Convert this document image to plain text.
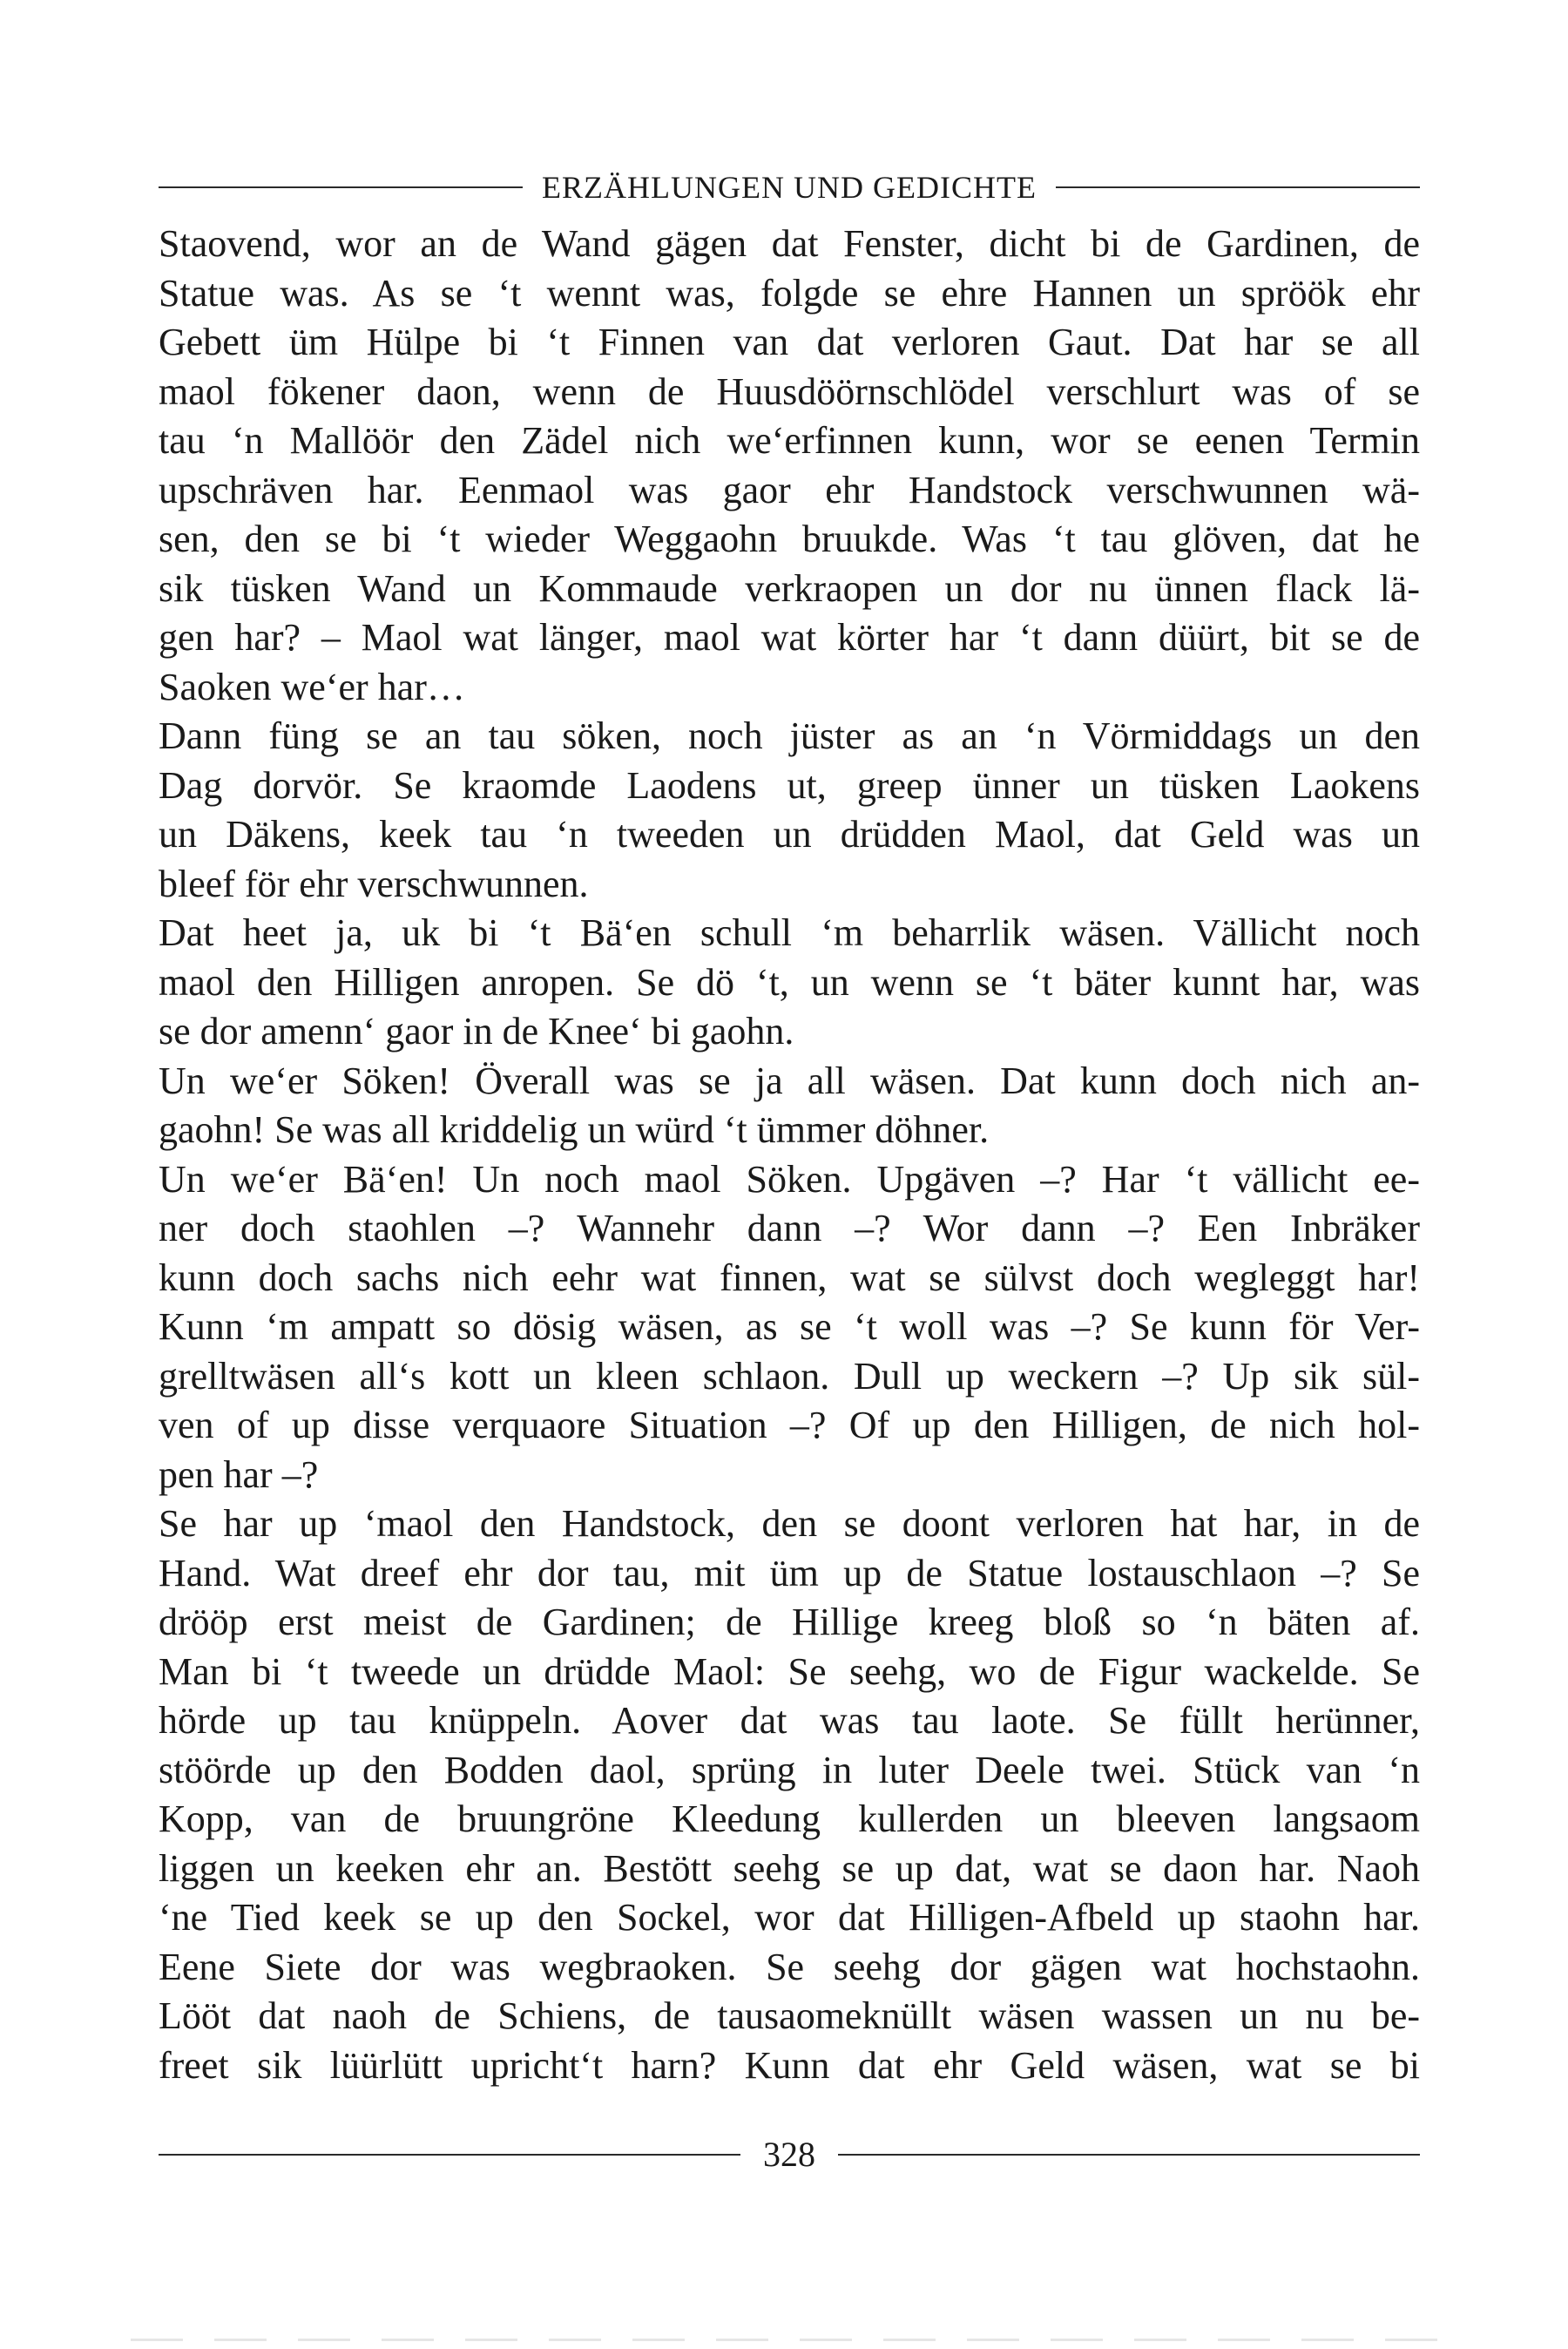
ERZÄHLUNGEN UND GEDICHTE
Staovend, wor an de Wand gägen dat Fenster, dicht bi de Gardinen, de
Statue was. As se ‘t wennt was, folgde se ehre Hannen un spröök ehr
Gebett üm Hülpe bi ‘t Finnen van dat verloren Gaut. Dat har se all
maol fökener daon, wenn de Huusdöörnschlödel verschlurt was of se
tau ‘n Mallöör den Zädel nich we‘erfinnen kunn, wor se eenen Termin
upschräven har. Eenmaol was gaor ehr Handstock verschwunnen wä-
sen, den se bi ‘t wieder Weggaohn bruukde. Was ‘t tau glöven, dat he
sik tüsken Wand un Kommaude verkraopen un dor nu ünnen flack lä-
gen har? – Maol wat länger, maol wat körter har ‘t dann düürt, bit se de
Saoken we‘er har…
Dann füng se an tau söken, noch jüster as an ‘n Vörmiddags un den
Dag dorvör. Se kraomde Laodens ut, greep ünner un tüsken Laokens
un Däkens, keek tau ‘n tweeden un drüdden Maol, dat Geld was un
bleef för ehr verschwunnen.
Dat heet ja, uk bi ‘t Bä‘en schull ‘m beharrlik wäsen. Vällicht noch
maol den Hilligen anropen. Se dö ‘t, un wenn se ‘t bäter kunnt har, was
se dor amenn‘ gaor in de Knee‘ bi gaohn.
Un we‘er Söken! Överall was se ja all wäsen. Dat kunn doch nich an-
gaohn! Se was all kriddelig un würd ‘t ümmer döhner.
Un we‘er Bä‘en! Un noch maol Söken. Upgäven –? Har ‘t vällicht ee-
ner doch staohlen –? Wannehr dann –? Wor dann –? Een Inbräker
kunn doch sachs nich eehr wat finnen, wat se sülvst doch wegleggt har!
Kunn ‘m ampatt so dösig wäsen, as se ‘t woll was –? Se kunn för Ver-
grelltwäsen all‘s kott un kleen schlaon. Dull up weckern –? Up sik sül-
ven of up disse verquaore Situation –? Of up den Hilligen, de nich hol-
pen har –?
Se har up ‘maol den Handstock, den se doont verloren hat har, in de
Hand. Wat dreef ehr dor tau, mit üm up de Statue lostauschlaon –? Se
drööp erst meist de Gardinen; de Hillige kreeg bloß so ‘n bäten af.
Man bi ‘t tweede un drüdde Maol: Se seehg, wo de Figur wackelde. Se
hörde up tau knüppeln. Aover dat was tau laote. Se füllt herünner,
stöörde up den Bodden daol, sprüng in luter Deele twei. Stück van ‘n
Kopp, van de bruungröne Kleedung kullerden un bleeven langsaom
liggen un keeken ehr an. Bestött seehg se up dat, wat se daon har. Naoh
‘ne Tied keek se up den Sockel, wor dat Hilligen-Afbeld up staohn har.
Eene Siete dor was wegbraoken. Se seehg dor gägen wat hochstaohn.
Lööt dat naoh de Schiens, de tausaomeknüllt wäsen wassen un nu be-
freet sik lüürlütt upricht‘t harn? Kunn dat ehr Geld wäsen, wat se bi
328
